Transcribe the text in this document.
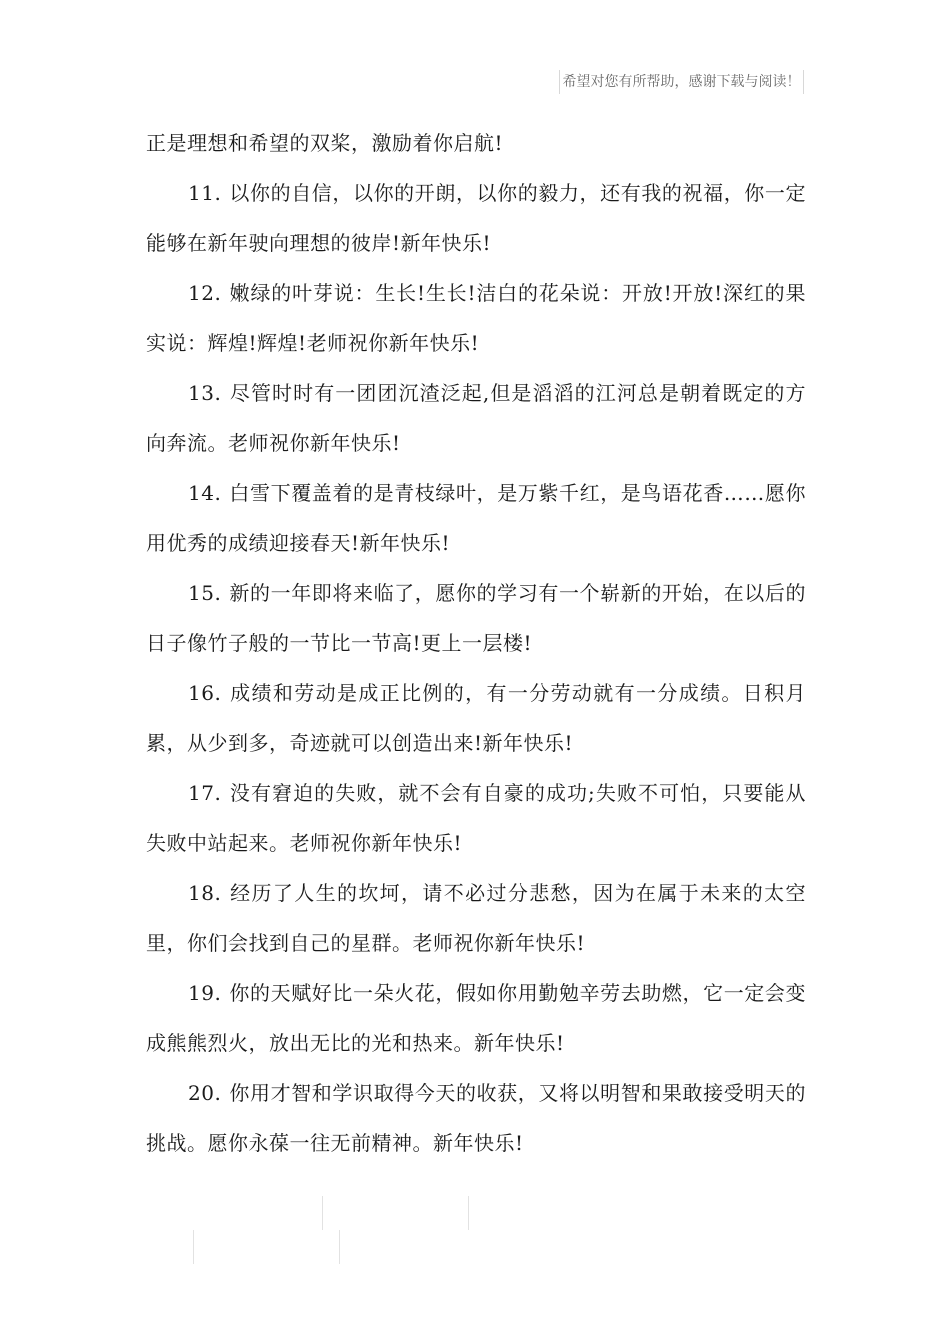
希望对您有所帮助，感谢下载与阅读！

正是理想和希望的双桨，激励着你启航!

11. 以你的自信，以你的开朗，以你的毅力，还有我的祝福，你一定能够在新年驶向理想的彼岸!新年快乐!

12. 嫩绿的叶芽说：生长!生长!洁白的花朵说：开放!开放!深红的果实说：辉煌!辉煌!老师祝你新年快乐!

13. 尽管时时有一团团沉渣泛起,但是滔滔的江河总是朝着既定的方向奔流。老师祝你新年快乐!

14. 白雪下覆盖着的是青枝绿叶，是万紫千红，是鸟语花香……愿你用优秀的成绩迎接春天!新年快乐!

15. 新的一年即将来临了，愿你的学习有一个崭新的开始，在以后的日子像竹子般的一节比一节高!更上一层楼!

16. 成绩和劳动是成正比例的，有一分劳动就有一分成绩。日积月累，从少到多，奇迹就可以创造出来!新年快乐!

17. 没有窘迫的失败，就不会有自豪的成功;失败不可怕，只要能从失败中站起来。老师祝你新年快乐!

18. 经历了人生的坎坷，请不必过分悲愁，因为在属于未来的太空里，你们会找到自己的星群。老师祝你新年快乐!

19. 你的天赋好比一朵火花，假如你用勤勉辛劳去助燃，它一定会变成熊熊烈火，放出无比的光和热来。新年快乐!

20. 你用才智和学识取得今天的收获，又将以明智和果敢接受明天的挑战。愿你永葆一往无前精神。新年快乐!
